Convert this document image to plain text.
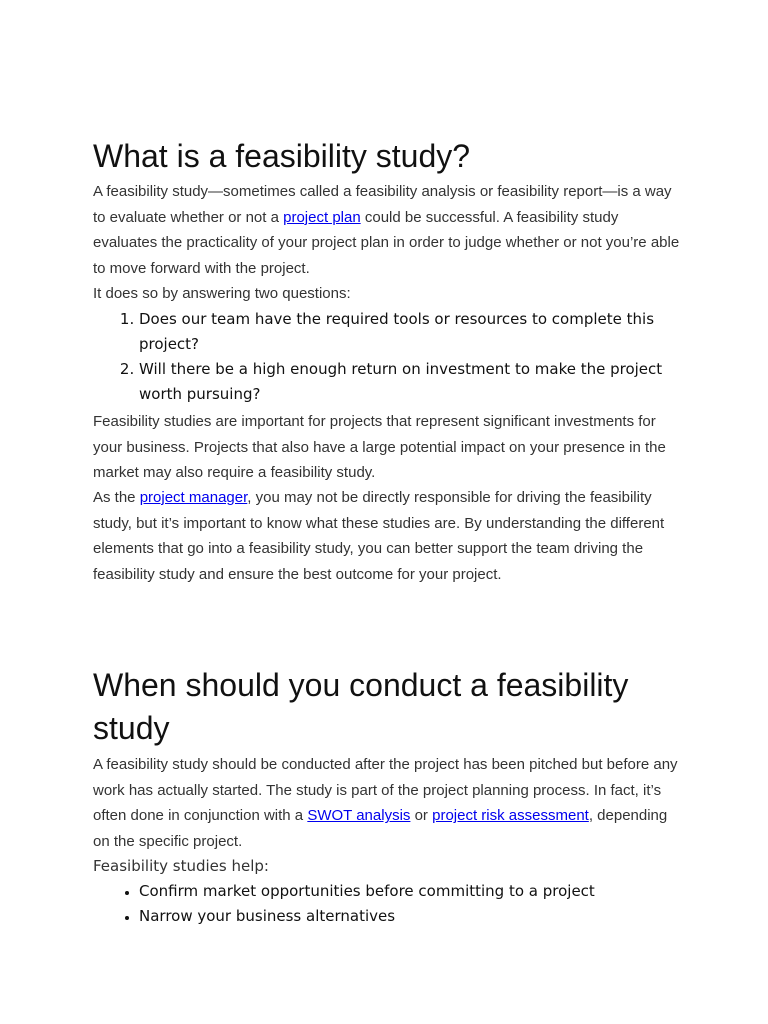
What is a feasibility study?

A feasibility study—sometimes called a feasibility analysis or feasibility report—is a way to evaluate whether or not a project plan could be successful. A feasibility study evaluates the practicality of your project plan in order to judge whether or not you’re able to move forward with the project.

It does so by answering two questions:

1. Does our team have the required tools or resources to complete this project?
2. Will there be a high enough return on investment to make the project worth pursuing?

Feasibility studies are important for projects that represent significant investments for your business. Projects that also have a large potential impact on your presence in the market may also require a feasibility study.

As the project manager, you may not be directly responsible for driving the feasibility study, but it’s important to know what these studies are. By understanding the different elements that go into a feasibility study, you can better support the team driving the feasibility study and ensure the best outcome for your project.

When should you conduct a feasibility study

A feasibility study should be conducted after the project has been pitched but before any work has actually started. The study is part of the project planning process. In fact, it’s often done in conjunction with a SWOT analysis or project risk assessment, depending on the specific project.

Feasibility studies help:

• Confirm market opportunities before committing to a project
• Narrow your business alternatives
